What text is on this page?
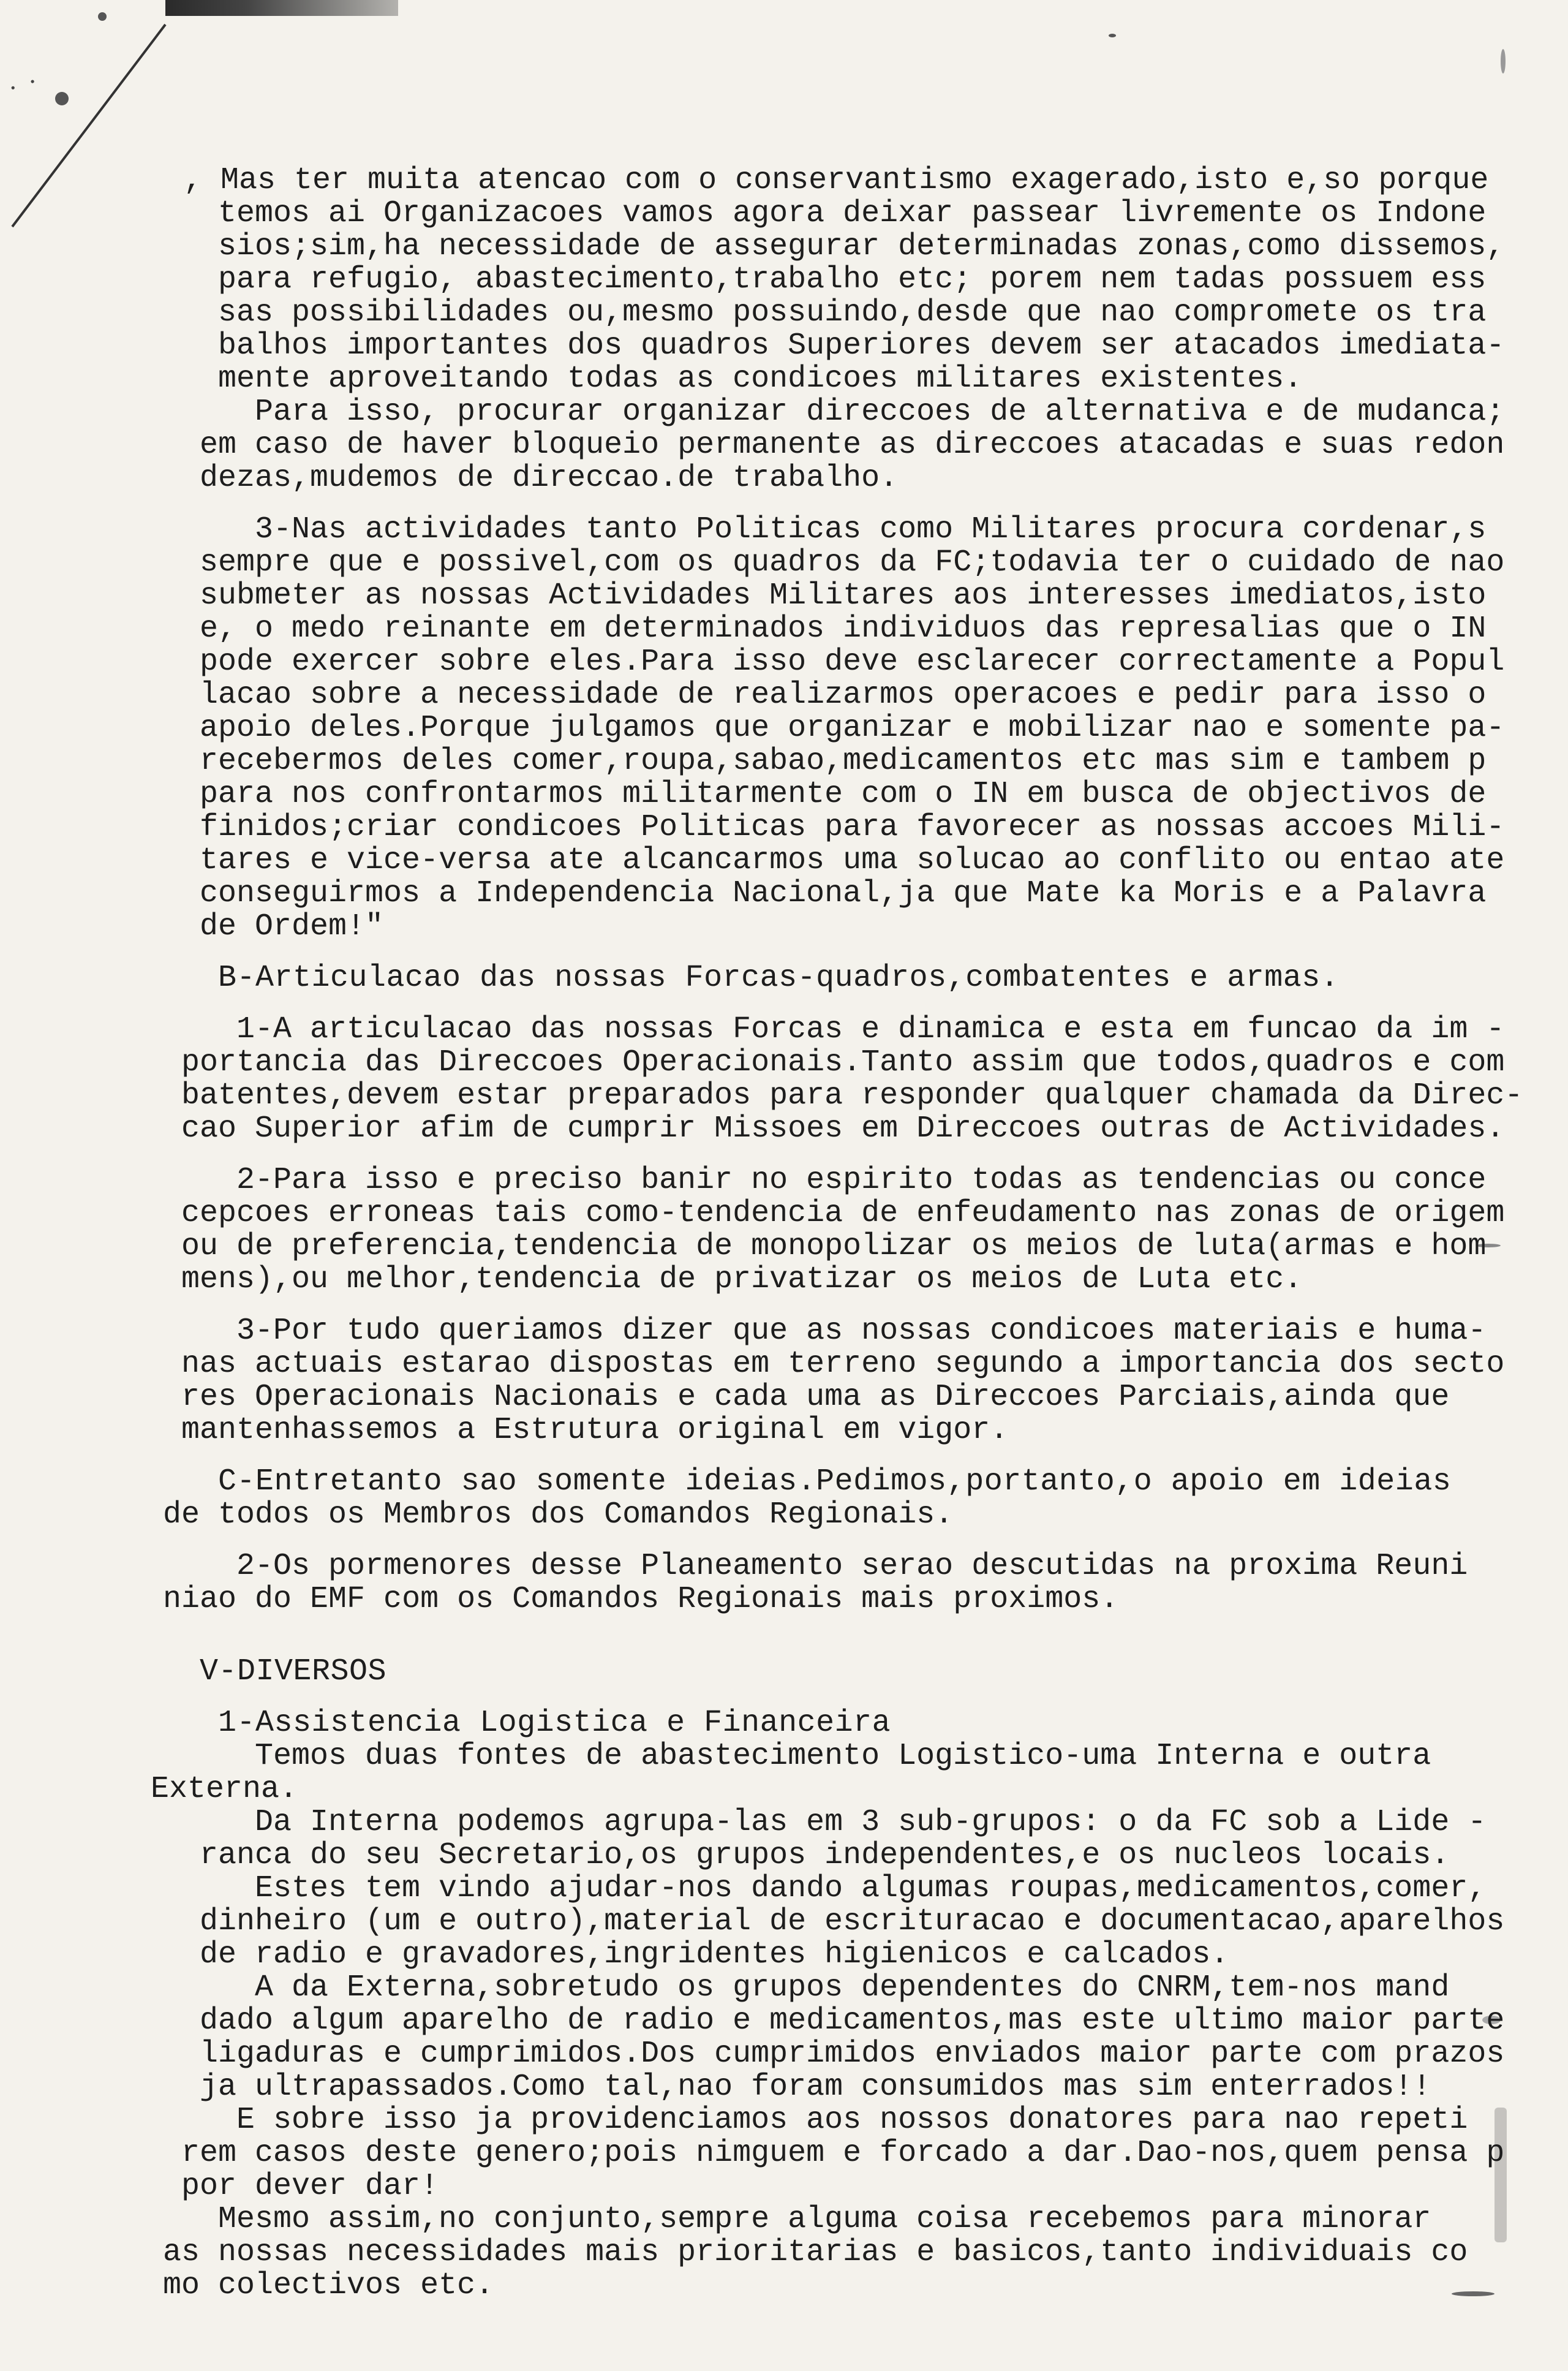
· ·
, Mas ter muita atencao com o conservantismo exagerado,isto e,so porque
temos ai Organizacoes vamos agora deixar passear livremente os Indone
sios;sim,ha necessidade de assegurar determinadas zonas,como dissemos,
para refugio, abastecimento,trabalho etc; porem nem tadas possuem ess
sas possibilidades ou,mesmo possuindo,desde que nao compromete os tra
balhos importantes dos quadros Superiores devem ser atacados imediata-
mente aproveitando todas as condicoes militares existentes.
Para isso, procurar organizar direccoes de alternativa e de mudanca;
em caso de haver bloqueio permanente as direccoes atacadas e suas redon
dezas,mudemos de direccao.de trabalho.
3-Nas actividades tanto Politicas como Militares procura cordenar,s
sempre que e possivel,com os quadros da FC;todavia ter o cuidado de nao
submeter as nossas Actividades Militares aos interesses imediatos,isto
e, o medo reinante em determinados individuos das represalias que o IN
pode exercer sobre eles.Para isso deve esclarecer correctamente a Popul
lacao sobre a necessidade de realizarmos operacoes e pedir para isso o
apoio deles.Porque julgamos que organizar e mobilizar nao e somente pa-
recebermos deles comer,roupa,sabao,medicamentos etc mas sim e tambem p
para nos confrontarmos militarmente com o IN em busca de objectivos de
finidos;criar condicoes Politicas para favorecer as nossas accoes Mili-
tares e vice-versa ate alcancarmos uma solucao ao conflito ou entao ate
conseguirmos a Independencia Nacional,ja que Mate ka Moris e a Palavra
de Ordem!"
B-Articulacao das nossas Forcas-quadros,combatentes e armas.
1-A articulacao das nossas Forcas e dinamica e esta em funcao da im -
portancia das Direccoes Operacionais.Tanto assim que todos,quadros e com
batentes,devem estar preparados para responder qualquer chamada da Direc-
cao Superior afim de cumprir Missoes em Direccoes outras de Actividades.
2-Para isso e preciso banir no espirito todas as tendencias ou conce
cepcoes erroneas tais como-tendencia de enfeudamento nas zonas de origem
ou de preferencia,tendencia de monopolizar os meios de luta(armas e hom
mens),ou melhor,tendencia de privatizar os meios de Luta etc.
3-Por tudo queriamos dizer que as nossas condicoes materiais e huma-
nas actuais estarao dispostas em terreno segundo a importancia dos secto
res Operacionais Nacionais e cada uma as Direccoes Parciais,ainda que
mantenhassemos a Estrutura original em vigor.
C-Entretanto sao somente ideias.Pedimos,portanto,o apoio em ideias
de todos os Membros dos Comandos Regionais.
2-Os pormenores desse Planeamento serao descutidas na proxima Reuni
niao do EMF com os Comandos Regionais mais proximos.
V-DIVERSOS
1-Assistencia Logistica e Financeira
Temos duas fontes de abastecimento Logistico-uma Interna e outra
Externa.
Da Interna podemos agrupa-las em 3 sub-grupos: o da FC sob a Lide -
ranca do seu Secretario,os grupos independentes,e os nucleos locais.
Estes tem vindo ajudar-nos dando algumas roupas,medicamentos,comer,
dinheiro (um e outro),material de escrituracao e documentacao,aparelhos
de radio e gravadores,ingridentes higienicos e calcados.
A da Externa,sobretudo os grupos dependentes do CNRM,tem-nos mand
dado algum aparelho de radio e medicamentos,mas este ultimo maior parte
ligaduras e cumprimidos.Dos cumprimidos enviados maior parte com prazos
ja ultrapassados.Como tal,nao foram consumidos mas sim enterrados!!
E sobre isso ja providenciamos aos nossos donatores para nao repeti
rem casos deste genero;pois nimguem e forcado a dar.Dao-nos,quem pensa p
por dever dar!
Mesmo assim,no conjunto,sempre alguma coisa recebemos para minorar
as nossas necessidades mais prioritarias e basicos,tanto individuais co
mo colectivos etc.
